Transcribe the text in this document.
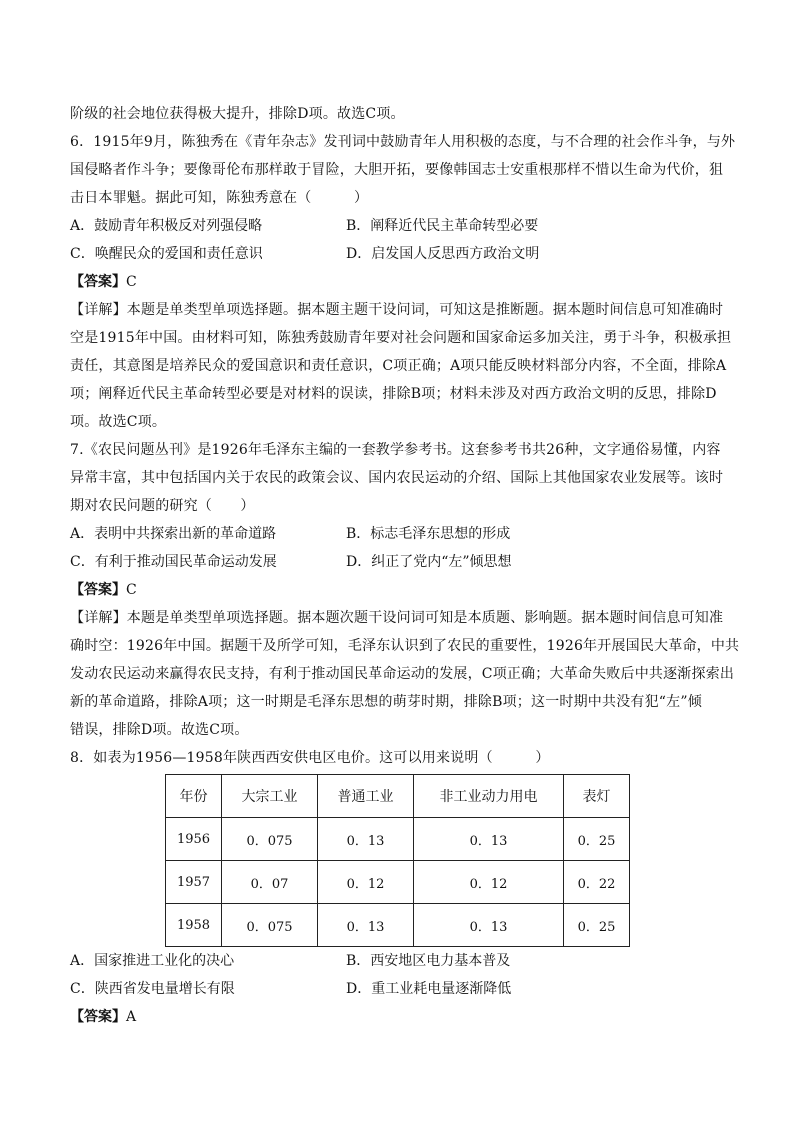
阶级的社会地位获得极大提升，排除D项。故选C项。
6．1915年9月，陈独秀在《青年杂志》发刊词中鼓励青年人用积极的态度，与不合理的社会作斗争，与外
国侵略者作斗争；要像哥伦布那样敢于冒险，大胆开拓，要像韩国志士安重根那样不惜以生命为代价，狙
击日本罪魁。据此可知，陈独秀意在（　　　）
A．鼓励青年积极反对列强侵略	B．阐释近代民主革命转型必要
C．唤醒民众的爱国和责任意识	D．启发国人反思西方政治文明
【答案】C
【详解】本题是单类型单项选择题。据本题主题干设问词，可知这是推断题。据本题时间信息可知准确时
空是1915年中国。由材料可知，陈独秀鼓励青年要对社会问题和国家命运多加关注，勇于斗争，积极承担
责任，其意图是培养民众的爱国意识和责任意识，C项正确；A项只能反映材料部分内容，不全面，排除A
项；阐释近代民主革命转型必要是对材料的误读，排除B项；材料未涉及对西方政治文明的反思，排除D
项。故选C项。
7.《农民问题丛刊》是1926年毛泽东主编的一套教学参考书。这套参考书共26种，文字通俗易懂，内容
异常丰富，其中包括国内关于农民的政策会议、国内农民运动的介绍、国际上其他国家农业发展等。该时
期对农民问题的研究（　　）
A．表明中共探索出新的革命道路	B．标志毛泽东思想的形成
C．有利于推动国民革命运动发展	D．纠正了党内“左”倾思想
【答案】C
【详解】本题是单类型单项选择题。据本题次题干设问词可知是本质题、影响题。据本题时间信息可知准
确时空：1926年中国。据题干及所学可知，毛泽东认识到了农民的重要性，1926年开展国民大革命，中共
发动农民运动来赢得农民支持，有利于推动国民革命运动的发展，C项正确；大革命失败后中共逐渐探索出
新的革命道路，排除A项；这一时期是毛泽东思想的萌芽时期，排除B项；这一时期中共没有犯“左”倾
错误，排除D项。故选C项。
8．如表为1956—1958年陕西西安供电区电价。这可以用来说明（　　　）
年份	大宗工业	普通工业	非工业动力用电	表灯
1956	0．075	0．13	0．13	0．25
1957	0．07	0．12	0．12	0．22
1958	0．075	0．13	0．13	0．25
A．国家推进工业化的决心	B．西安地区电力基本普及
C．陕西省发电量增长有限	D．重工业耗电量逐渐降低
【答案】A
